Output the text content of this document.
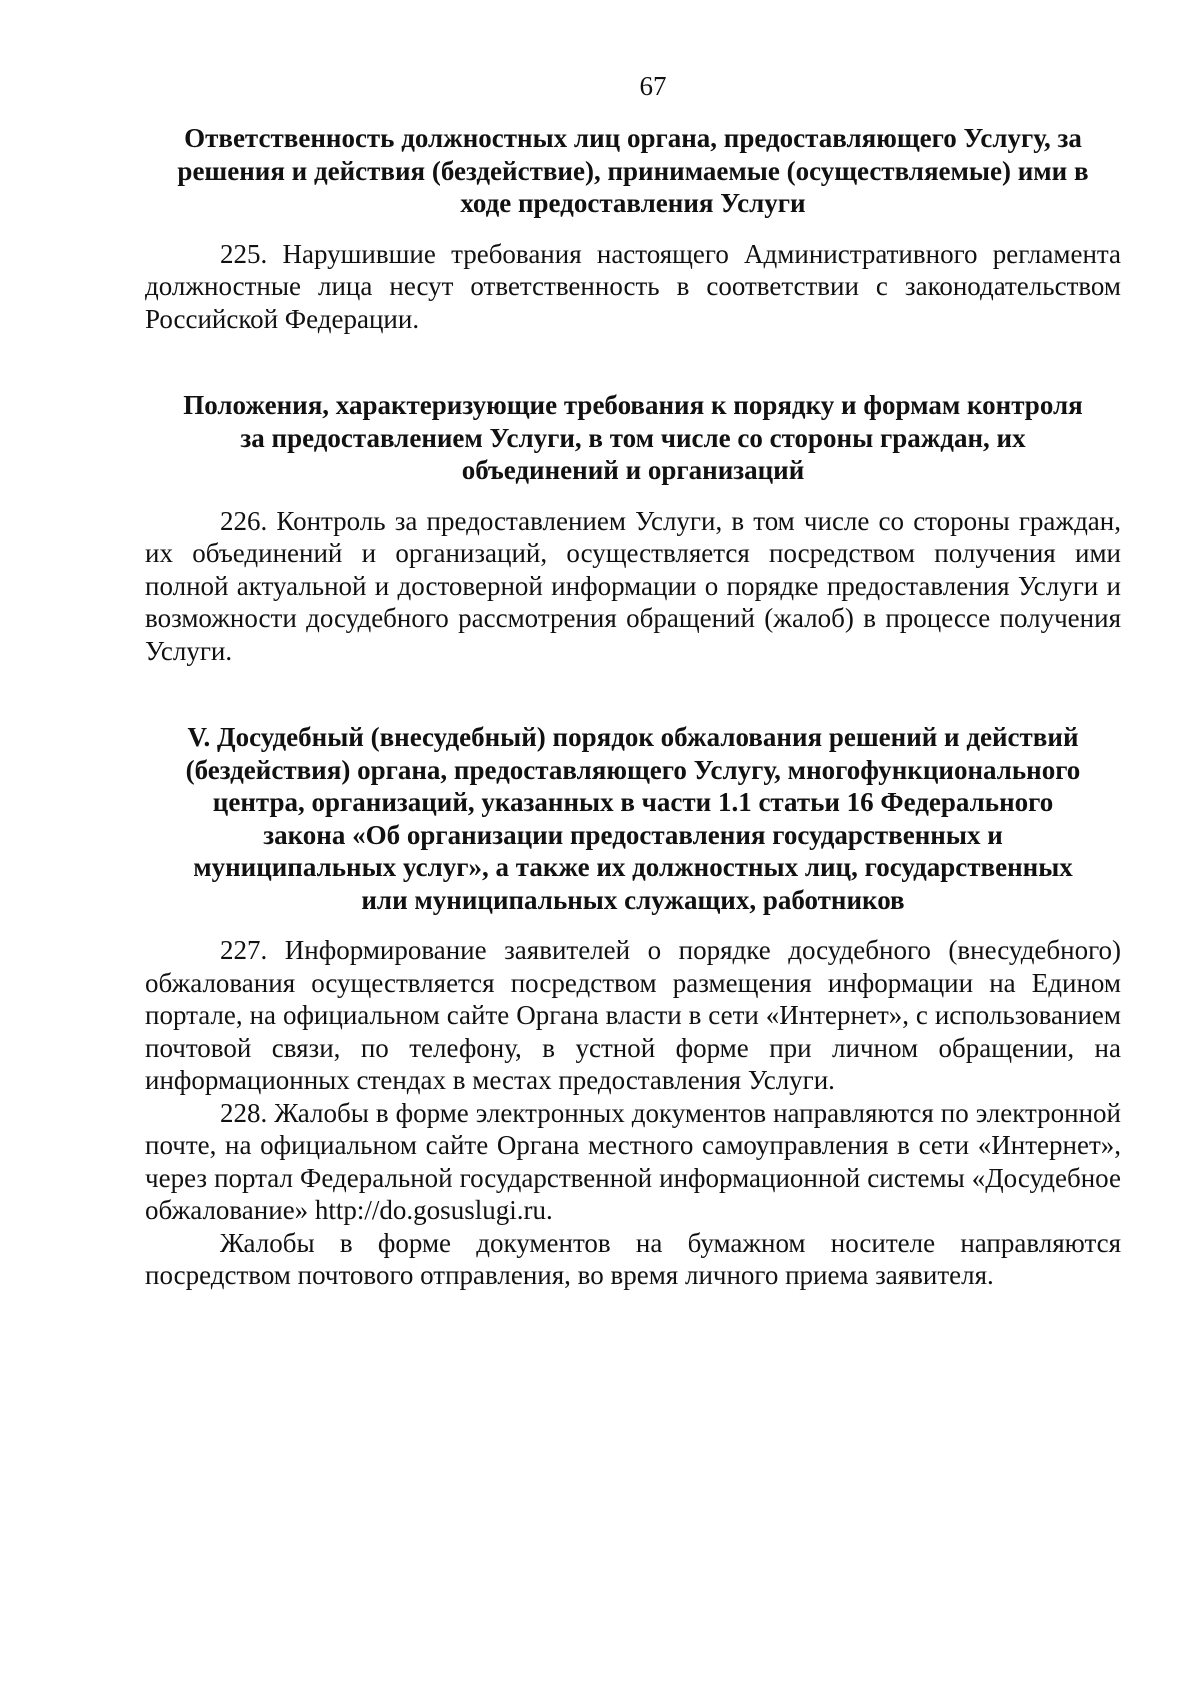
67
Ответственность должностных лиц органа, предоставляющего Услугу, за
решения и действия (бездействие), принимаемые (осуществляемые) ими в
ходе предоставления Услуги

225. Нарушившие требования настоящего Административного регламента должностные лица несут ответственность в соответствии с законодательством Российской Федерации.

Положения, характеризующие требования к порядку и формам контроля
за предоставлением Услуги, в том числе со стороны граждан, их
объединений и организаций

226. Контроль за предоставлением Услуги, в том числе со стороны граждан, их объединений и организаций, осуществляется посредством получения ими полной актуальной и достоверной информации о порядке предоставления Услуги и возможности досудебного рассмотрения обращений (жалоб) в процессе получения Услуги.

V. Досудебный (внесудебный) порядок обжалования решений и действий
(бездействия) органа, предоставляющего Услугу, многофункционального
центра, организаций, указанных в части 1.1 статьи 16 Федерального
закона «Об организации предоставления государственных и
муниципальных услуг», а также их должностных лиц, государственных
или муниципальных служащих, работников

227. Информирование заявителей о порядке досудебного (внесудебного) обжалования осуществляется посредством размещения информации на Едином портале, на официальном сайте Органа власти в сети «Интернет», с использованием почтовой связи, по телефону, в устной форме при личном обращении, на информационных стендах в местах предоставления Услуги.

228. Жалобы в форме электронных документов направляются по электронной почте, на официальном сайте Органа местного самоуправления в сети «Интернет», через портал Федеральной государственной информационной системы «Досудебное обжалование» http://do.gosuslugi.ru.

Жалобы в форме документов на бумажном носителе направляются посредством почтового отправления, во время личного приема заявителя.
